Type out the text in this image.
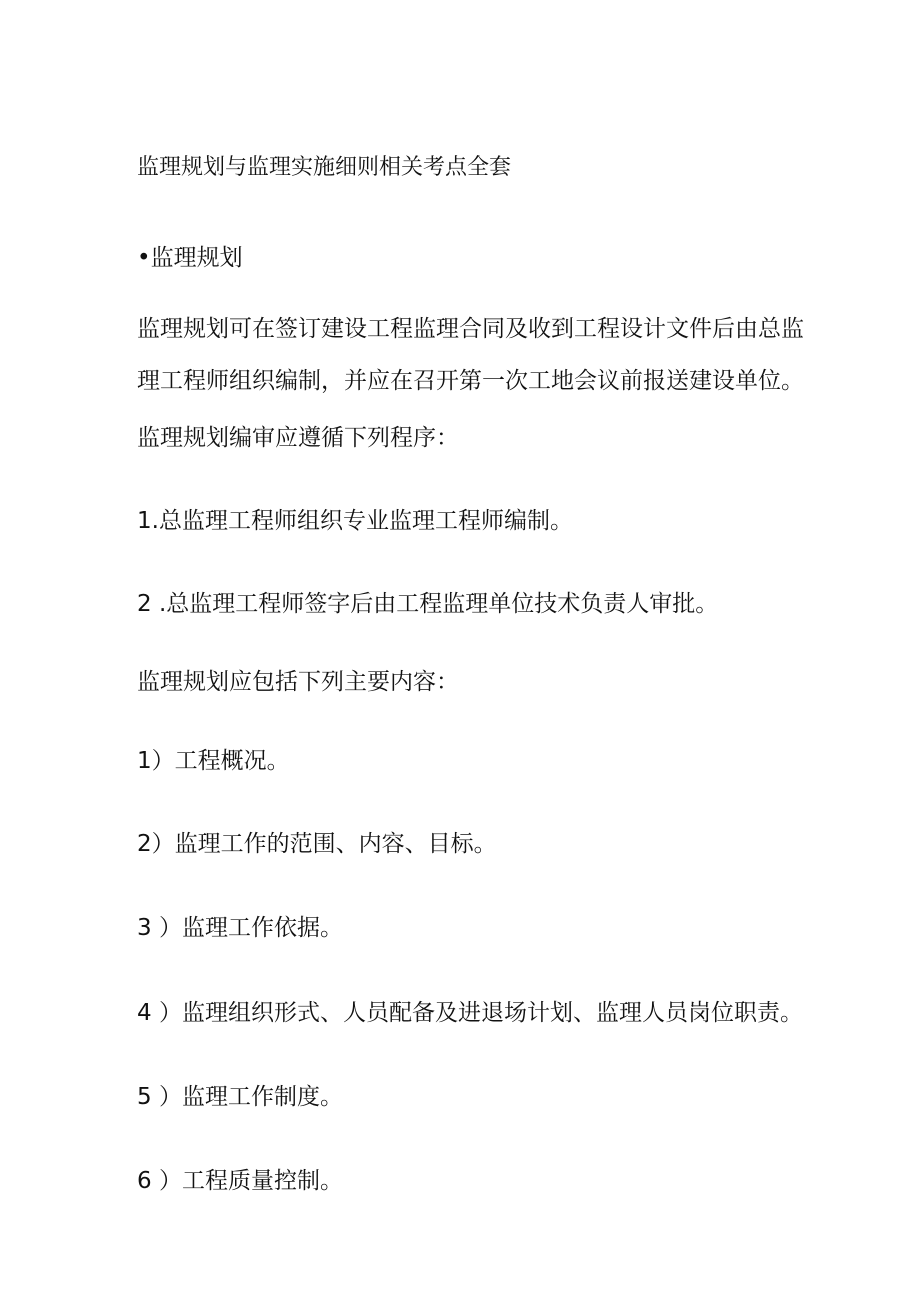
监理规划与监理实施细则相关考点全套
•监理规划
监理规划可在签订建设工程监理合同及收到工程设计文件后由总监
理工程师组织编制，并应在召开第一次工地会议前报送建设单位。
监理规划编审应遵循下列程序：
1.总监理工程师组织专业监理工程师编制。
2 .总监理工程师签字后由工程监理单位技术负责人审批。
监理规划应包括下列主要内容：
1）工程概况。
2）监理工作的范围、内容、目标。
3 ）监理工作依据。
4 ）监理组织形式、人员配备及进退场计划、监理人员岗位职责。
5 ）监理工作制度。
6 ）工程质量控制。
